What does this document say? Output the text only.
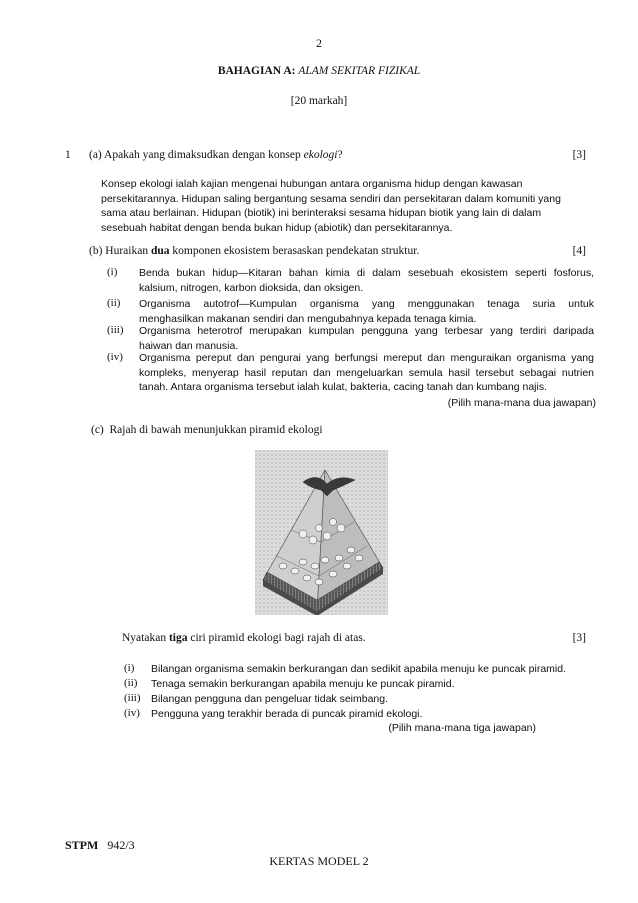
2
BAHAGIAN A: ALAM SEKITAR FIZIKAL
[20 markah]
1 (a) Apakah yang dimaksudkan dengan konsep ekologi?	[3]
Konsep ekologi ialah kajian mengenai hubungan antara organisma hidup dengan kawasan
persekitarannya. Hidupan saling bergantung sesama sendiri dan persekitaran dalam komuniti yang
sama atau berlainan. Hidupan (biotik) ini berinteraksi sesama hidupan biotik yang lain di dalam
sesebuah habitat dengan benda bukan hidup (abiotik) dan persekitarannya.
(b) Huraikan dua komponen ekosistem berasaskan pendekatan struktur.	[4]
(i) Benda bukan hidup—Kitaran bahan kimia di dalam sesebuah ekosistem seperti fosforus,
kalsium, nitrogen, karbon dioksida, dan oksigen.
(ii) Organisma autotrof—Kumpulan organisma yang menggunakan tenaga suria untuk
menghasilkan makanan sendiri dan mengubahnya kepada tenaga kimia.
(iii) Organisma heterotrof merupakan kumpulan pengguna yang terbesar yang terdiri daripada
haiwan dan manusia.
(iv) Organisma pereput dan pengurai yang berfungsi mereput dan menguraikan organisma yang
kompleks, menyerap hasil reputan dan mengeluarkan semula hasil tersebut sebagai nutrien
tanah. Antara organisma tersebut ialah kulat, bakteria, cacing tanah dan kumbang najis.
(Pilih mana-mana dua jawapan)
(c) Rajah di bawah menunjukkan piramid ekologi
Nyatakan tiga ciri piramid ekologi bagi rajah di atas.	[3]
(i) Bilangan organisma semakin berkurangan dan sedikit apabila menuju ke puncak piramid.
(ii) Tenaga semakin berkurangan apabila menuju ke puncak piramid.
(iii) Bilangan pengguna dan pengeluar tidak seimbang.
(iv) Pengguna yang terakhir berada di puncak piramid ekologi.
(Pilih mana-mana tiga jawapan)
STPM 942/3
KERTAS MODEL 2
